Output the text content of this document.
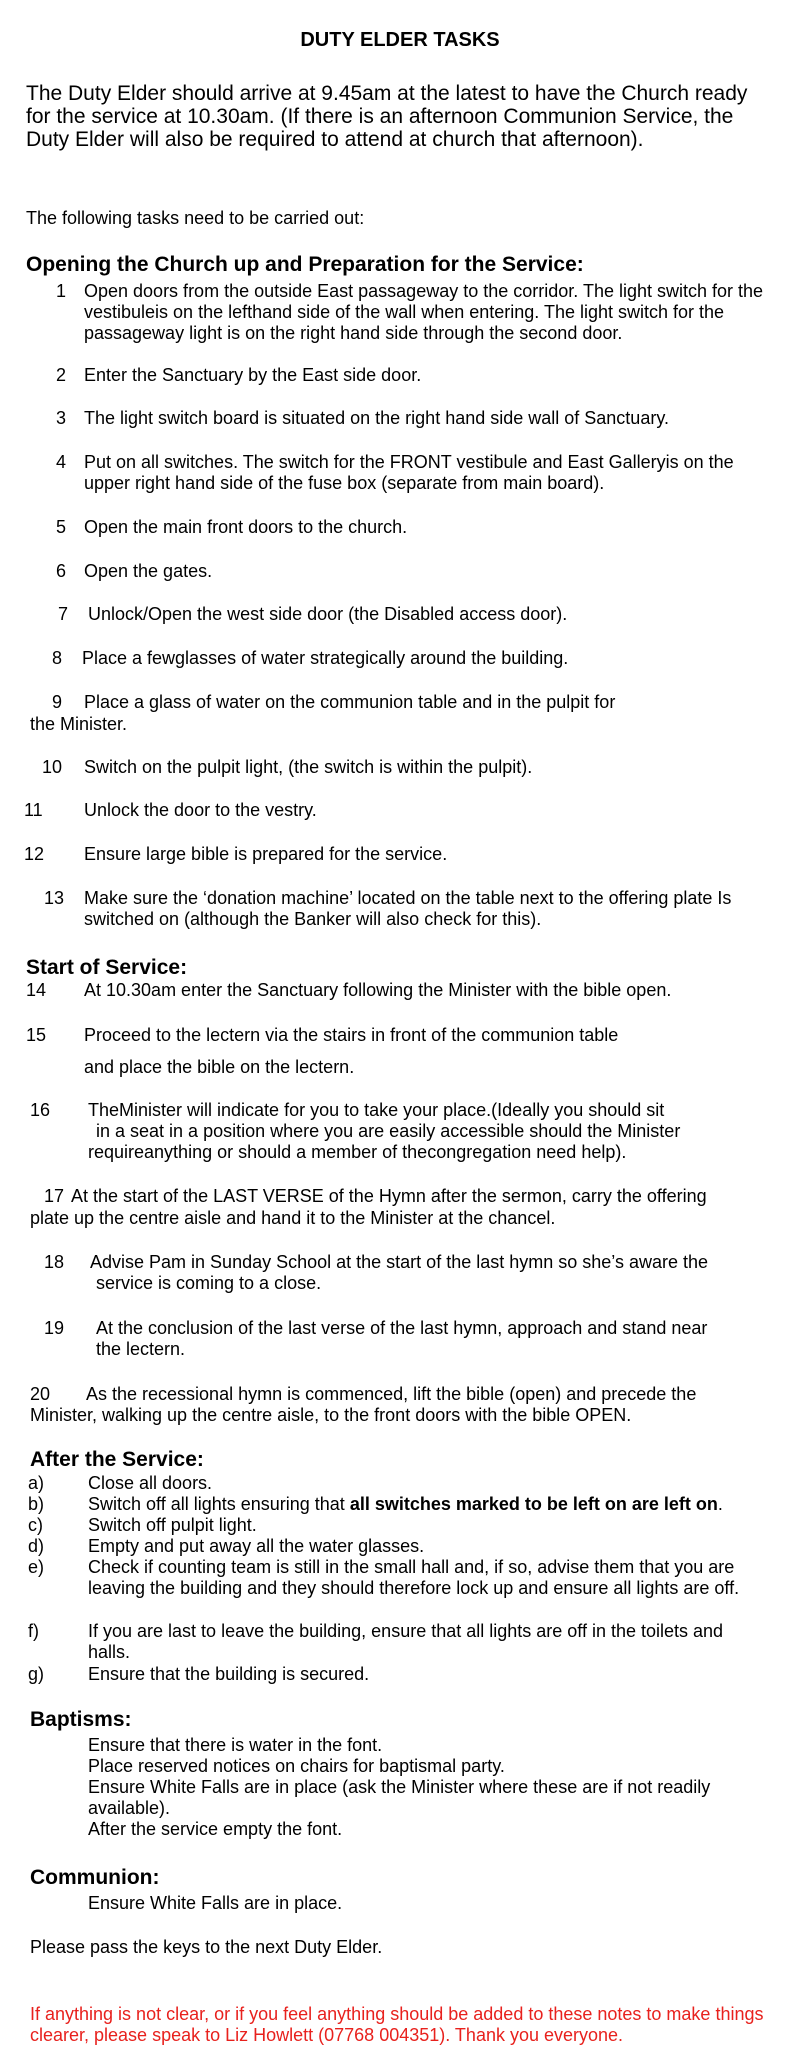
DUTY ELDER TASKS
The Duty Elder should arrive at 9.45am at the latest to have the Church ready for the service at 10.30am. (If there is an afternoon Communion Service, the Duty Elder will also be required to attend at church that afternoon).
The following tasks need to be carried out:
Opening the Church up and Preparation for the Service:
1 Open doors from the outside East passageway to the corridor. The light switch for the vestibuleis on the lefthand side of the wall when entering. The light switch for the passageway light is on the right hand side through the second door.
2 Enter the Sanctuary by the East side door.
3 The light switch board is situated on the right hand side wall of Sanctuary.
4 Put on all switches. The switch for the FRONT vestibule and East Galleryis on the upper right hand side of the fuse box (separate from main board).
5 Open the main front doors to the church.
6 Open the gates.
7 Unlock/Open the west side door (the Disabled access door).
8 Place a fewglasses of water strategically around the building.
9 Place a glass of water on the communion table and in the pulpit for
the Minister.
10 Switch on the pulpit light, (the switch is within the pulpit).
11 Unlock the door to the vestry.
12 Ensure large bible is prepared for the service.
13 Make sure the ‘donation machine’ located on the table next to the offering plate Is switched on (although the Banker will also check for this).
Start of Service:
14 At 10.30am enter the Sanctuary following the Minister with the bible open.
15 Proceed to the lectern via the stairs in front of the communion table
and place the bible on the lectern.
16 TheMinister will indicate for you to take your place.(Ideally you should sit
in a seat in a position where you are easily accessible should the Minister
requireanything or should a member of thecongregation need help).
17 At the start of the LAST VERSE of the Hymn after the sermon, carry the offering
plate up the centre aisle and hand it to the Minister at the chancel.
18 Advise Pam in Sunday School at the start of the last hymn so she’s aware the
service is coming to a close.
19 At the conclusion of the last verse of the last hymn, approach and stand near
the lectern.
20 As the recessional hymn is commenced, lift the bible (open) and precede the
Minister, walking up the centre aisle, to the front doors with the bible OPEN.
After the Service:
a)	Close all doors.
b)	Switch off all lights ensuring that all switches marked to be left on are left on.
c)	Switch off pulpit light.
d)	Empty and put away all the water glasses.
e)	Check if counting team is still in the small hall and, if so, advise them that you are leaving the building and they should therefore lock up and ensure all lights are off.
f)	If you are last to leave the building, ensure that all lights are off in the toilets and halls.
g)	Ensure that the building is secured.
Baptisms:
Ensure that there is water in the font.
Place reserved notices on chairs for baptismal party.
Ensure White Falls are in place (ask the Minister where these are if not readily available).
After the service empty the font.
Communion:
Ensure White Falls are in place.
Please pass the keys to the next Duty Elder.
If anything is not clear, or if you feel anything should be added to these notes to make things clearer, please speak to Liz Howlett (07768 004351). Thank you everyone.
